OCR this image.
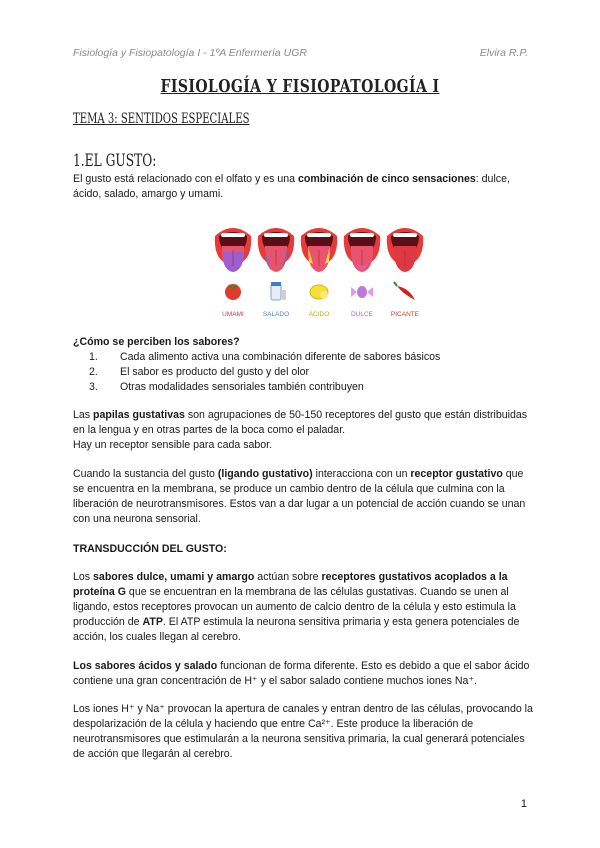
Fisiología y Fisiopatología I - 1ºA Enfermería UGR	Elvira R.P.
FISIOLOGÍA Y FISIOPATOLOGÍA I
TEMA 3: SENTIDOS ESPECIALES
1.EL GUSTO:

El gusto está relacionado con el olfato y es una combinación de cinco sensaciones: dulce, ácido, salado, amargo y umami.

UMAMI	SALADO	ÁCIDO	DULCE	PICANTE

¿Cómo se perciben los sabores?

1. Cada alimento activa una combinación diferente de sabores básicos
2. El sabor es producto del gusto y del olor
3. Otras modalidades sensoriales también contribuyen

Las papilas gustativas son agrupaciones de 50-150 receptores del gusto que están distribuidas en la lengua y en otras partes de la boca como el paladar.

Hay un receptor sensible para cada sabor.

Cuando la sustancia del gusto (ligando gustativo) interacciona con un receptor gustativo que se encuentra en la membrana, se produce un cambio dentro de la célula que culmina con la liberación de neurotransmisores. Estos van a dar lugar a un potencial de acción cuando se unan con una neurona sensorial.

TRANSDUCCIÓN DEL GUSTO:

Los sabores dulce, umami y amargo actúan sobre receptores gustativos acoplados a la proteína G que se encuentran en la membrana de las células gustativas. Cuando se unen al ligando, estos receptores provocan un aumento de calcio dentro de la célula y esto estimula la producción de ATP. El ATP estimula la neurona sensitiva primaria y esta genera potenciales de acción, los cuales llegan al cerebro.

Los sabores ácidos y salado funcionan de forma diferente. Esto es debido a que el sabor ácido contiene una gran concentración de H⁺ y el sabor salado contiene muchos iones Na⁺.

Los iones H⁺ y Na⁺ provocan la apertura de canales y entran dentro de las células, provocando la despolarización de la célula y haciendo que entre Ca²⁺. Este produce la liberación de neurotransmisores que estimularán a la neurona sensitiva primaria, la cual generará potenciales de acción que llegarán al cerebro.

1
